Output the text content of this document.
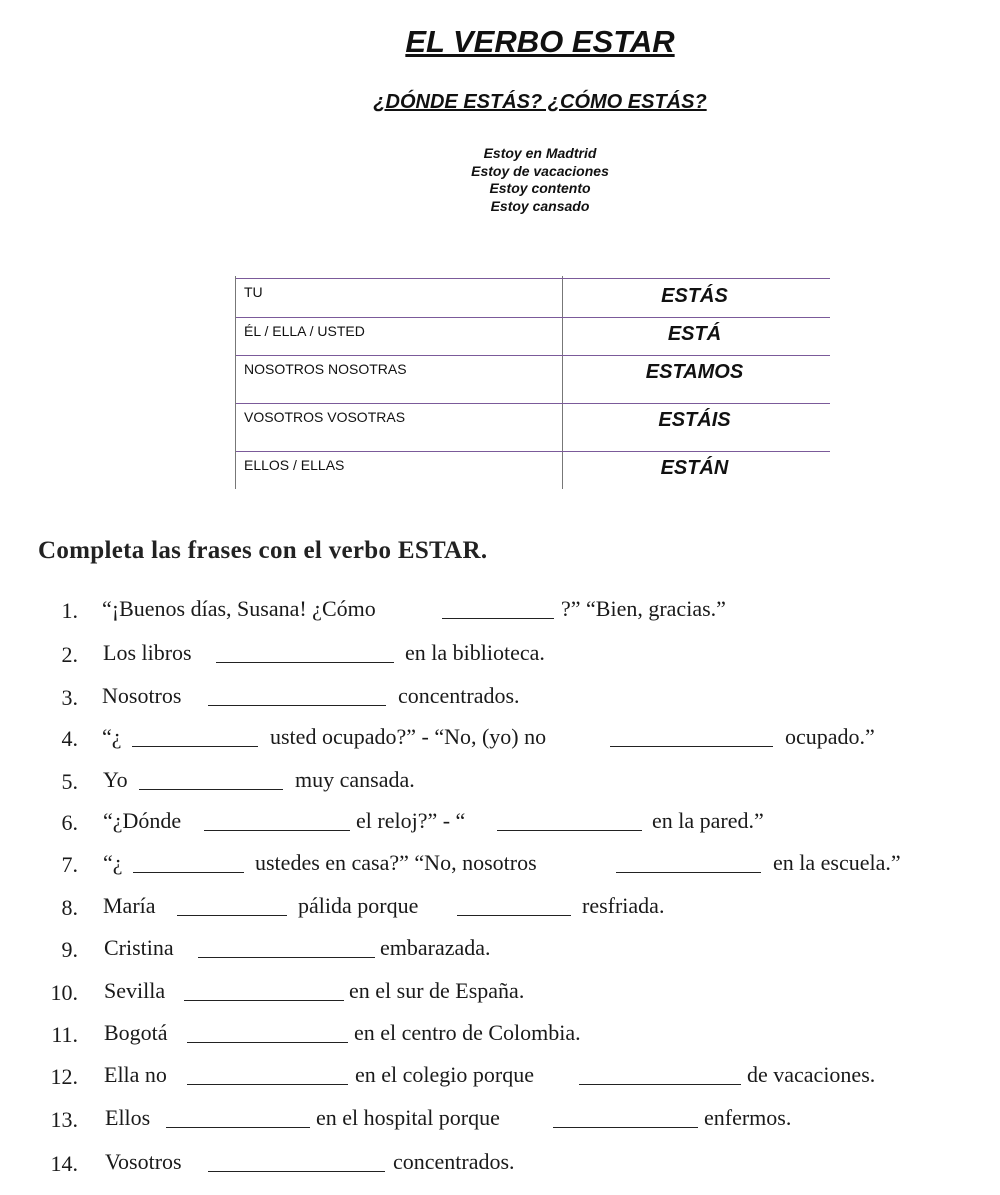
EL VERBO ESTAR
¿DÓNDE ESTÁS? ¿CÓMO ESTÁS?
Estoy en Madtrid
Estoy de vacaciones
Estoy contento
Estoy cansado
TU	ESTÁS
ÉL / ELLA / USTED	ESTÁ
NOSOTROS NOSOTRAS	ESTAMOS
VOSOTROS VOSOTRAS	ESTÁIS
ELLOS / ELLAS	ESTÁN
Completa las frases con el verbo ESTAR.
1. “¡Buenos días, Susana! ¿Cómo	?” “Bien, gracias.”
2. Los libros	en la biblioteca.
3. Nosotros	concentrados.
4. “¿	usted ocupado?” - “No, (yo) no	ocupado.”
5. Yo	muy cansada.
6. “¿Dónde	el reloj?” - “	en la pared.”
7. “¿	ustedes en casa?” “No, nosotros	en la escuela.”
8. María	pálida porque	resfriada.
9. Cristina	embarazada.
10. Sevilla	en el sur de España.
11. Bogotá	en el centro de Colombia.
12. Ella no	en el colegio porque	de vacaciones.
13. Ellos	en el hospital porque	enfermos.
14. Vosotros	concentrados.
